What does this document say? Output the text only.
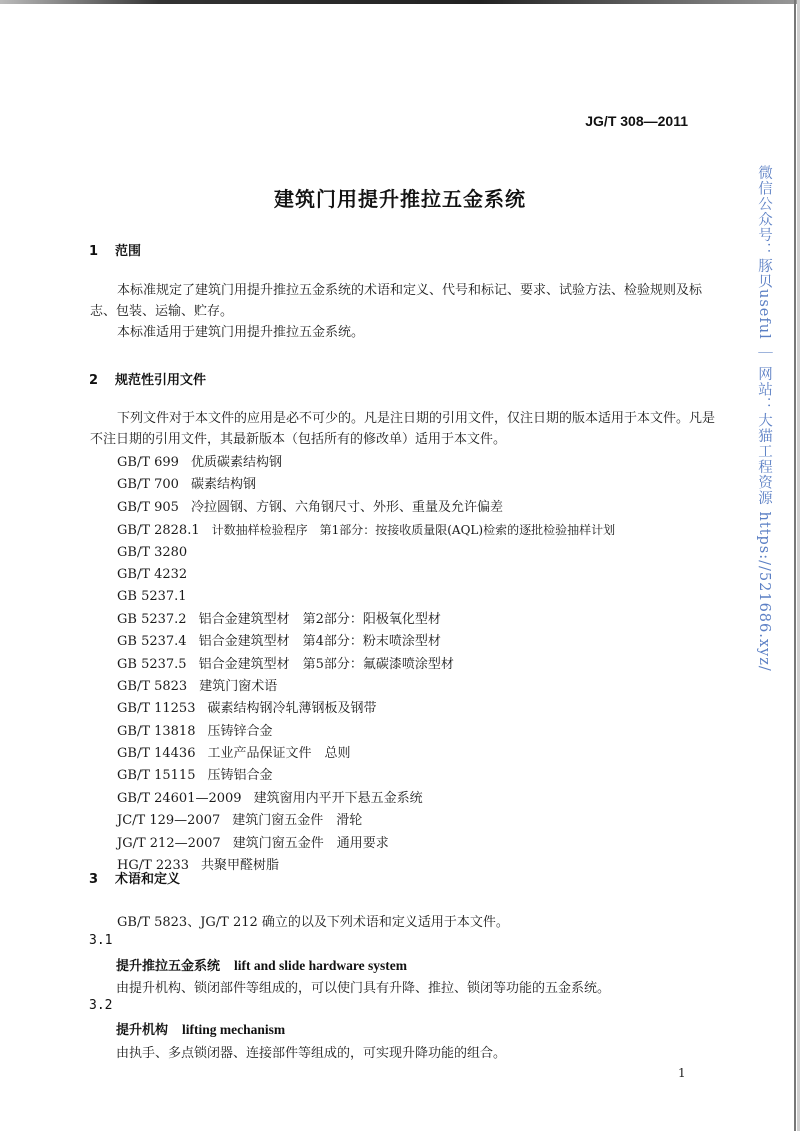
JG/T 308—2011
建筑门用提升推拉五金系统
1 范围

本标准规定了建筑门用提升推拉五金系统的术语和定义、代号和标记、要求、试验方法、检验规则及标志、包装、运输、贮存。

本标准适用于建筑门用提升推拉五金系统。

2 规范性引用文件

下列文件对于本文件的应用是必不可少的。凡是注日期的引用文件，仅注日期的版本适用于本文件。凡是不注日期的引用文件，其最新版本（包括所有的修改单）适用于本文件。

GB/T 699 优质碳素结构钢
GB/T 700 碳素结构钢
GB/T 905 冷拉圆钢、方钢、六角钢尺寸、外形、重量及允许偏差
GB/T 2828.1 计数抽样检验程序　第1部分：按接收质量限(AQL)检索的逐批检验抽样计划
GB/T 3280
GB/T 4232
GB 5237.1
GB 5237.2 铝合金建筑型材　第2部分：阳极氧化型材
GB 5237.4 铝合金建筑型材　第4部分：粉末喷涂型材
GB 5237.5 铝合金建筑型材　第5部分：氟碳漆喷涂型材
GB/T 5823 建筑门窗术语
GB/T 11253 碳素结构钢冷轧薄钢板及钢带
GB/T 13818 压铸锌合金
GB/T 14436 工业产品保证文件　总则
GB/T 15115 压铸铝合金
GB/T 24601—2009 建筑窗用内平开下悬五金系统
JC/T 129—2007 建筑门窗五金件　滑轮
JG/T 212—2007 建筑门窗五金件　通用要求
HG/T 2233 共聚甲醛树脂
3 术语和定义

GB/T 5823、JG/T 212 确立的以及下列术语和定义适用于本文件。

3.1
提升推拉五金系统 lift and slide hardware system
由提升机构、锁闭部件等组成的，可以使门具有升降、推拉、锁闭等功能的五金系统。
3.2
提升机构 lifting mechanism
由执手、多点锁闭器、连接部件等组成的，可实现升降功能的组合。
1
微信公众号：豚贝useful ｜ 网站：大猫工程资源 https://521686.xyz/
